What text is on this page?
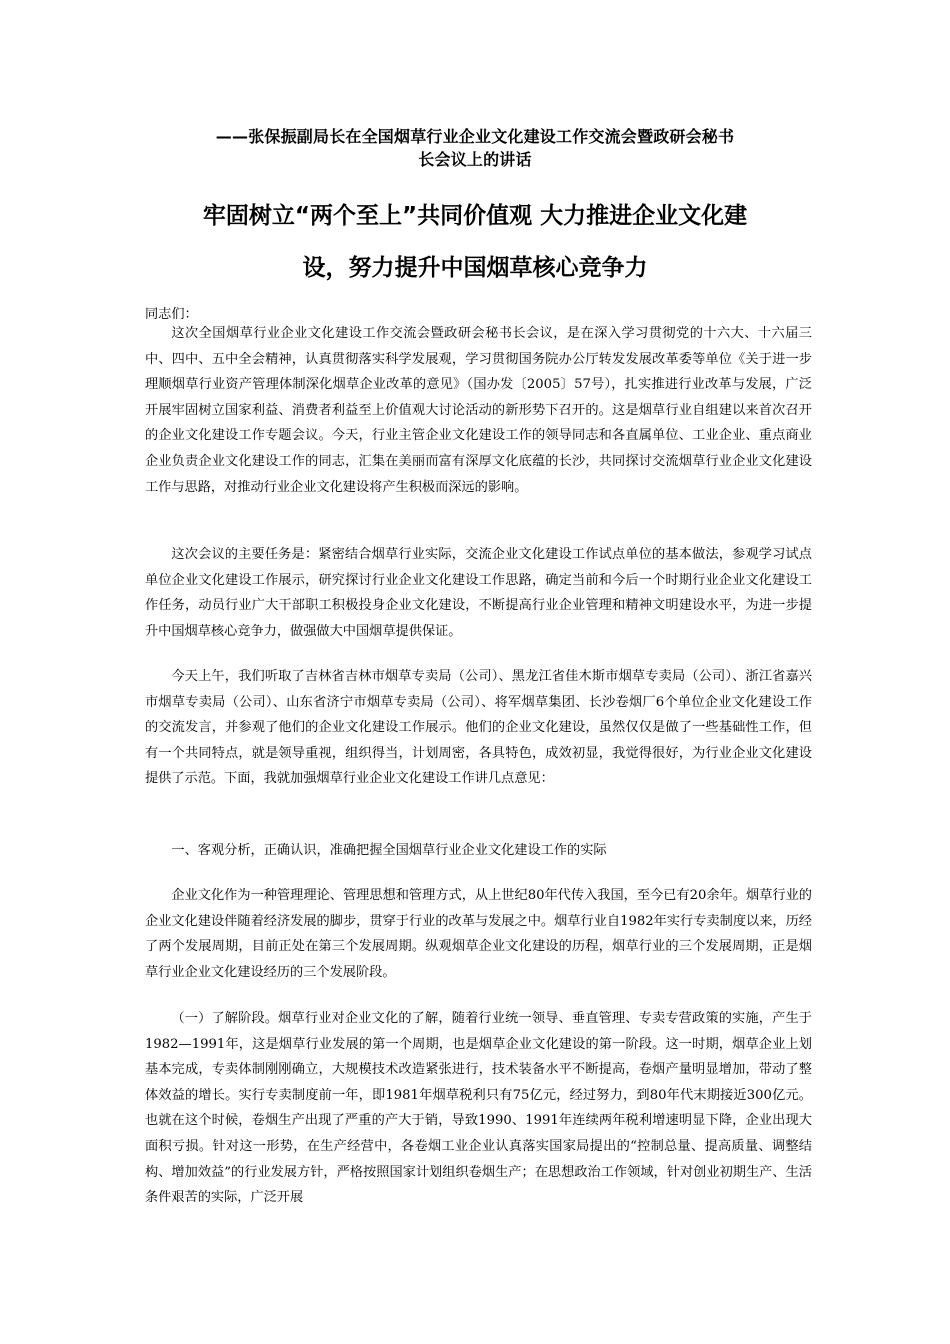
——张保振副局长在全国烟草行业企业文化建设工作交流会暨政研会秘书
长会议上的讲话
牢固树立“两个至上”共同价值观 大力推进企业文化建
设，努力提升中国烟草核心竞争力
同志们：

这次全国烟草行业企业文化建设工作交流会暨政研会秘书长会议，是在深入学习贯彻党的十六大、十六届三中、四中、五中全会精神，认真贯彻落实科学发展观，学习贯彻国务院办公厅转发发展改革委等单位《关于进一步理顺烟草行业资产管理体制深化烟草企业改革的意见》（国办发〔2005〕57号），扎实推进行业改革与发展，广泛开展牢固树立国家利益、消费者利益至上价值观大讨论活动的新形势下召开的。这是烟草行业自组建以来首次召开的企业文化建设工作专题会议。今天，行业主管企业文化建设工作的领导同志和各直属单位、工业企业、重点商业企业负责企业文化建设工作的同志，汇集在美丽而富有深厚文化底蕴的长沙，共同探讨交流烟草行业企业文化建设工作与思路，对推动行业企业文化建设将产生积极而深远的影响。

这次会议的主要任务是：紧密结合烟草行业实际，交流企业文化建设工作试点单位的基本做法，参观学习试点单位企业文化建设工作展示，研究探讨行业企业文化建设工作思路，确定当前和今后一个时期行业企业文化建设工作任务，动员行业广大干部职工积极投身企业文化建设，不断提高行业企业管理和精神文明建设水平，为进一步提升中国烟草核心竞争力，做强做大中国烟草提供保证。

今天上午，我们听取了吉林省吉林市烟草专卖局（公司）、黑龙江省佳木斯市烟草专卖局（公司）、浙江省嘉兴市烟草专卖局（公司）、山东省济宁市烟草专卖局（公司）、将军烟草集团、长沙卷烟厂6个单位企业文化建设工作的交流发言，并参观了他们的企业文化建设工作展示。他们的企业文化建设，虽然仅仅是做了一些基础性工作，但有一个共同特点，就是领导重视，组织得当，计划周密，各具特色，成效初显，我觉得很好，为行业企业文化建设提供了示范。下面，我就加强烟草行业企业文化建设工作讲几点意见：

一、客观分析，正确认识，准确把握全国烟草行业企业文化建设工作的实际

企业文化作为一种管理理论、管理思想和管理方式，从上世纪80年代传入我国，至今已有20余年。烟草行业的企业文化建设伴随着经济发展的脚步，贯穿于行业的改革与发展之中。烟草行业自1982年实行专卖制度以来，历经了两个发展周期，目前正处在第三个发展周期。纵观烟草企业文化建设的历程，烟草行业的三个发展周期，正是烟草行业企业文化建设经历的三个发展阶段。

（一）了解阶段。烟草行业对企业文化的了解，随着行业统一领导、垂直管理、专卖专营政策的实施，产生于1982—1991年，这是烟草行业发展的第一个周期，也是烟草企业文化建设的第一阶段。这一时期，烟草企业上划基本完成，专卖体制刚刚确立，大规模技术改造紧张进行，技术装备水平不断提高，卷烟产量明显增加，带动了整体效益的增长。实行专卖制度前一年，即1981年烟草税利只有75亿元，经过努力，到80年代末期接近300亿元。也就在这个时候，卷烟生产出现了严重的产大于销，导致1990、1991年连续两年税利增速明显下降，企业出现大面积亏损。针对这一形势，在生产经营中，各卷烟工业企业认真落实国家局提出的“控制总量、提高质量、调整结构、增加效益”的行业发展方针，严格按照国家计划组织卷烟生产；在思想政治工作领域，针对创业初期生产、生活条件艰苦的实际，广泛开展
